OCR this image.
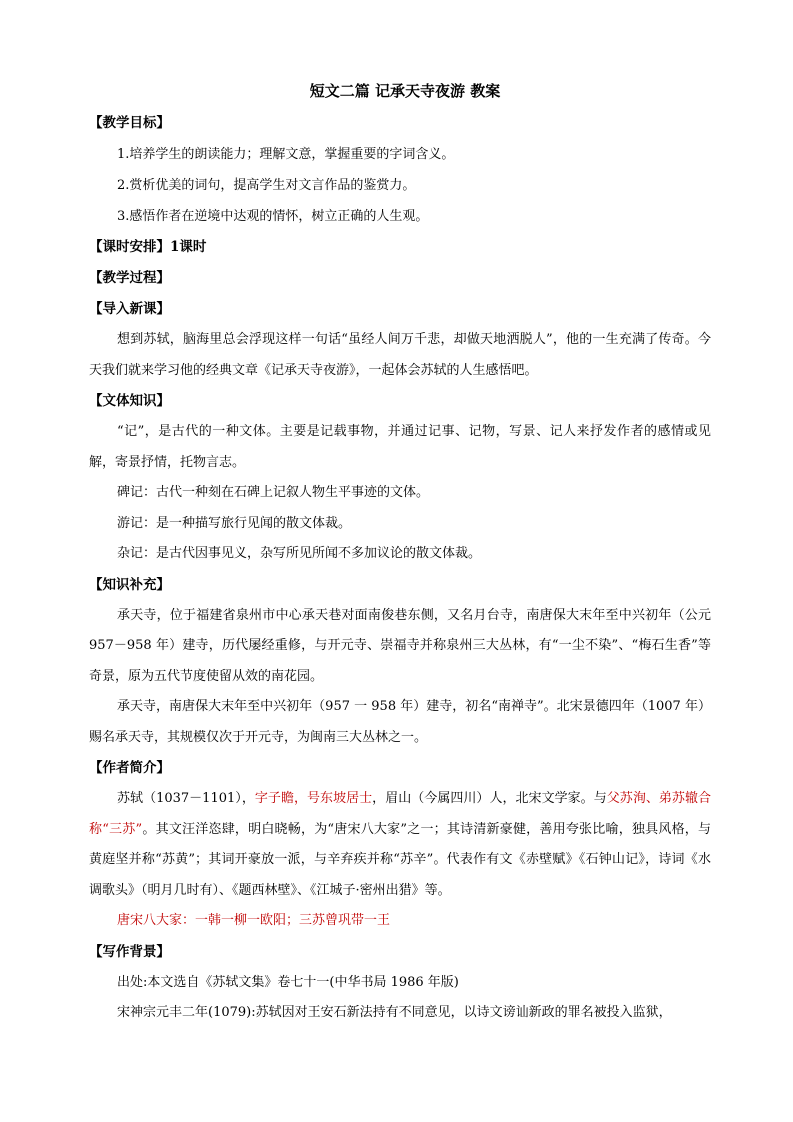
短文二篇 记承天寺夜游 教案
【教学目标】
1.培养学生的朗读能力；理解文意，掌握重要的字词含义。
2.赏析优美的词句，提高学生对文言作品的鉴赏力。
3.感悟作者在逆境中达观的情怀，树立正确的人生观。
【课时安排】1课时
【教学过程】
【导入新课】

想到苏轼，脑海里总会浮现这样一句话“虽经人间万千悲，却做天地洒脱人”，他的一生充满了传奇。今天我们就来学习他的经典文章《记承天寺夜游》，一起体会苏轼的人生感悟吧。

【文体知识】

“记”，是古代的一种文体。主要是记载事物，并通过记事、记物，写景、记人来抒发作者的感情或见解，寄景抒情，托物言志。

碑记：古代一种刻在石碑上记叙人物生平事迹的文体。

游记：是一种描写旅行见闻的散文体裁。

杂记：是古代因事见义，杂写所见所闻不多加议论的散文体裁。

【知识补充】

承天寺，位于福建省泉州市中心承天巷对面南俊巷东侧，又名月台寺，南唐保大末年至中兴初年（公元 957－958 年）建寺，历代屡经重修，与开元寺、崇福寺并称泉州三大丛林，有“一尘不染”、“梅石生香”等奇景，原为五代节度使留从效的南花园。

承天寺，南唐保大末年至中兴初年（957 一 958 年）建寺，初名“南禅寺”。北宋景德四年（1007 年）赐名承天寺，其规模仅次于开元寺，为闽南三大丛林之一。

【作者简介】

苏轼（1037－1101），字子瞻，号东坡居士，眉山（今属四川）人，北宋文学家。与父苏洵、弟苏辙合称“三苏”。其文汪洋恣肆，明白晓畅，为“唐宋八大家”之一；其诗清新豪健，善用夸张比喻，独具风格，与黄庭坚并称“苏黄”；其词开豪放一派，与辛弃疾并称“苏辛”。代表作有文《赤壁赋》《石钟山记》，诗词《水调歌头》（明月几时有）、《题西林壁》、《江城子·密州出猎》等。

唐宋八大家：一韩一柳一欧阳；三苏曾巩带一王

【写作背景】

出处:本文选自《苏轼文集》卷七十一(中华书局 1986 年版)

宋神宗元丰二年(1079):苏轼因对王安石新法持有不同意见，以诗文谤讪新政的罪名被投入监狱，
